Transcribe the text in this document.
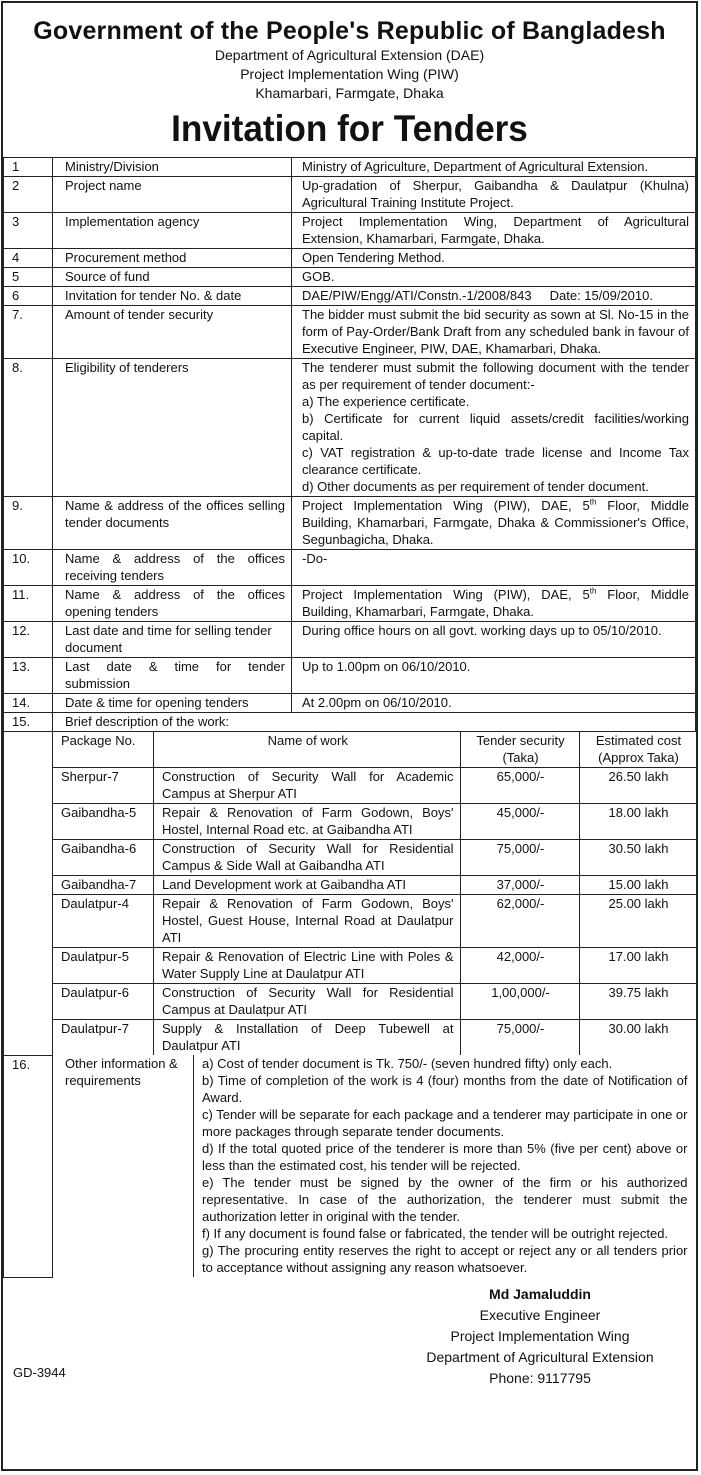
Government of the People's Republic of Bangladesh
Department of Agricultural Extension (DAE)
Project Implementation Wing (PIW)
Khamarbari, Farmgate, Dhaka
Invitation for Tenders
1	Ministry/Division	Ministry of Agriculture, Department of Agricultural Extension.
2	Project name	Up-gradation of Sherpur, Gaibandha & Daulatpur (Khulna) Agricultural Training Institute Project.
3	Implementation agency	Project Implementation Wing, Department of Agricultural Extension, Khamarbari, Farmgate, Dhaka.
4	Procurement method	Open Tendering Method.
5	Source of fund	GOB.
6	Invitation for tender No. & date	DAE/PIW/Engg/ATI/Constn.-1/2008/843     Date: 15/09/2010.
7.	Amount of tender security	The bidder must submit the bid security as sown at Sl. No-15 in the form of Pay-Order/Bank Draft from any scheduled bank in favour of Executive Engineer, PIW, DAE, Khamarbari, Dhaka.
8.	Eligibility of tenderers	The tenderer must submit the following document with the tender as per requirement of tender document:-
a) The experience certificate.
b) Certificate for current liquid assets/credit facilities/working capital.
c) VAT registration & up-to-date trade license and Income Tax clearance certificate.
d) Other documents as per requirement of tender document.

9.	Name & address of the offices selling tender documents	Project Implementation Wing (PIW), DAE, 5th Floor, Middle Building, Khamarbari, Farmgate, Dhaka & Commissioner's Office, Segunbagicha, Dhaka.
10.	Name & address of the offices receiving tenders	-Do-
11.	Name & address of the offices opening tenders	Project Implementation Wing (PIW), DAE, 5th Floor, Middle Building, Khamarbari, Farmgate, Dhaka.
12.	Last date and time for selling tender document	During office hours on all govt. working days up to 05/10/2010.
13.	Last date & time for tender submission	Up to 1.00pm on 06/10/2010.
14.	Date & time for opening tenders	At 2.00pm on 06/10/2010.
15.	Brief description of the work:

Package No.	Name of work	Tender security (Taka)	Estimated cost (Approx Taka)
Sherpur-7	Construction of Security Wall for Academic Campus at Sherpur ATI	65,000/-	26.50 lakh
Gaibandha-5	Repair & Renovation of Farm Godown, Boys' Hostel, Internal Road etc. at Gaibandha ATI	45,000/-	18.00 lakh
Gaibandha-6	Construction of Security Wall for Residential Campus & Side Wall at Gaibandha ATI	75,000/-	30.50 lakh
Gaibandha-7	Land Development work at Gaibandha ATI	37,000/-	15.00 lakh
Daulatpur-4	Repair & Renovation of Farm Godown, Boys' Hostel, Guest House, Internal Road at Daulatpur ATI	62,000/-	25.00 lakh
Daulatpur-5	Repair & Renovation of Electric Line with Poles & Water Supply Line at Daulatpur ATI	42,000/-	17.00 lakh
Daulatpur-6	Construction of Security Wall for Residential Campus at Daulatpur ATI	1,00,000/-	39.75 lakh
Daulatpur-7	Supply & Installation of Deep Tubewell at Daulatpur ATI	75,000/-	30.00 lakh

16.		Other information & requirements	
a) Cost of tender document is Tk. 750/- (seven hundred fifty) only each.
b) Time of completion of the work is 4 (four) months from the date of Notification of Award.
c) Tender will be separate for each package and a tenderer may participate in one or more packages through separate tender documents.
d) If the total quoted price of the tenderer is more than 5% (five per cent) above or less than the estimated cost, his tender will be rejected.
e) The tender must be signed by the owner of the firm or his authorized representative. In case of the authorization, the tenderer must submit the authorization letter in original with the tender.
f) If any document is found false or fabricated, the tender will be outright rejected.
g) The procuring entity reserves the right to accept or reject any or all tenders prior to acceptance without assigning any reason whatsoever.
Md Jamaluddin
Executive Engineer
Project Implementation Wing
Department of Agricultural Extension
Phone: 9117795
GD-3944
